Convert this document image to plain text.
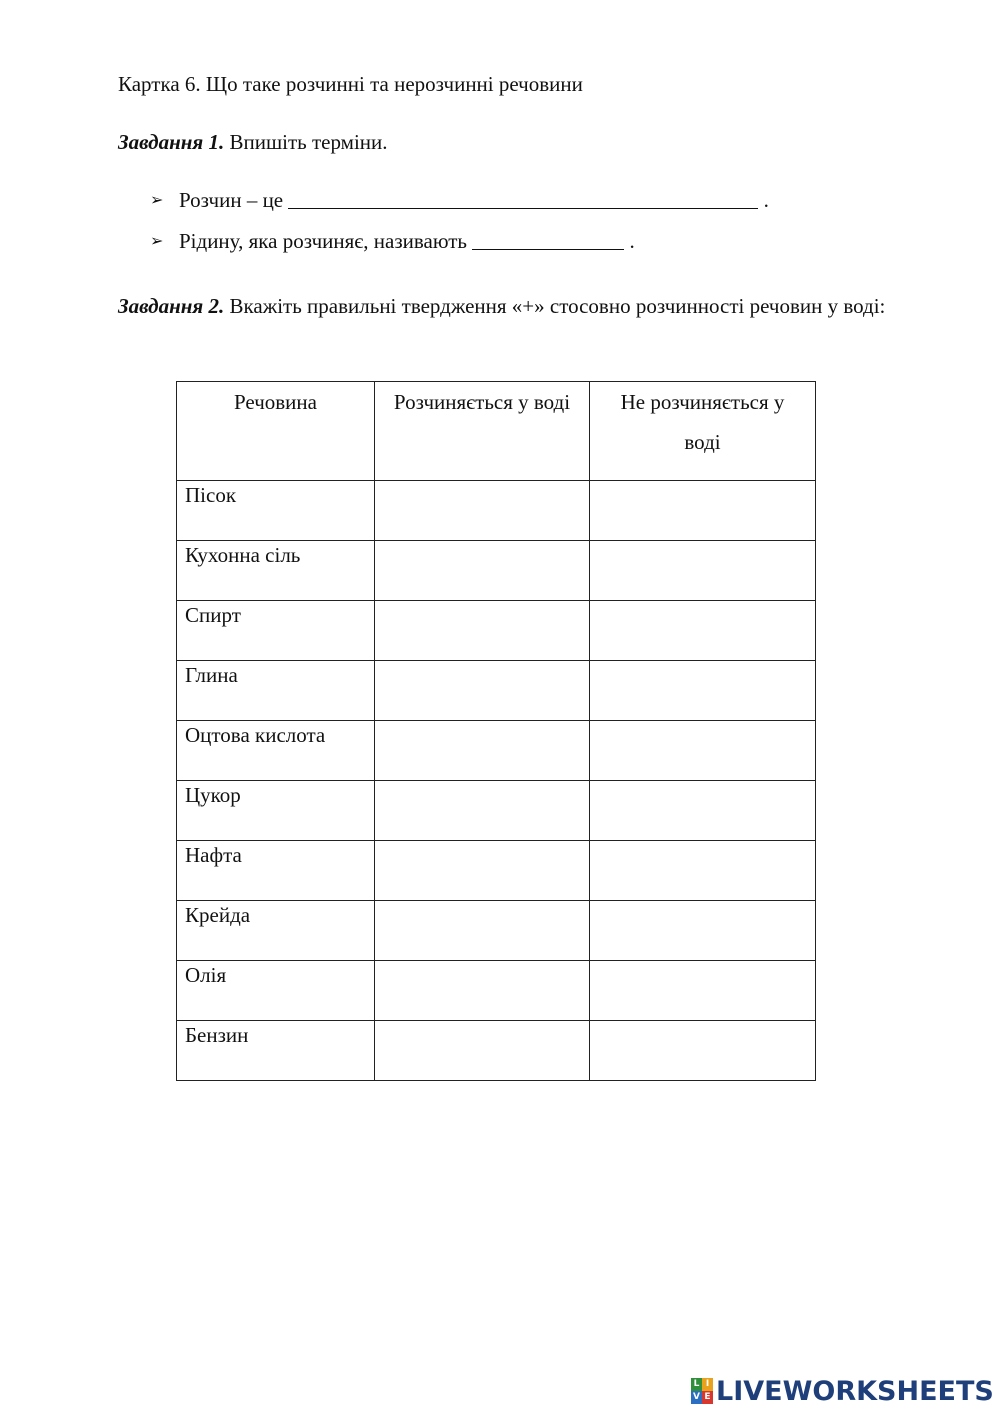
Картка 6. Що таке розчинні та нерозчинні речовини
Завдання 1. Впишіть терміни.
➢ Розчин – це	.
➢ Рідину, яка розчиняє, називають	.
Завдання 2. Вкажіть правильні твердження «+» стосовно розчинності речовин у воді:
Речовина	Розчиняється у воді	Не розчиняється у воді

Пісок		
Кухонна сіль		
Спирт		
Глина		
Оцтова кислота		
Цукор		
Нафта		
Крейда		
Олія		
Бензин		
L I
V E LIVEWORKSHEETS
